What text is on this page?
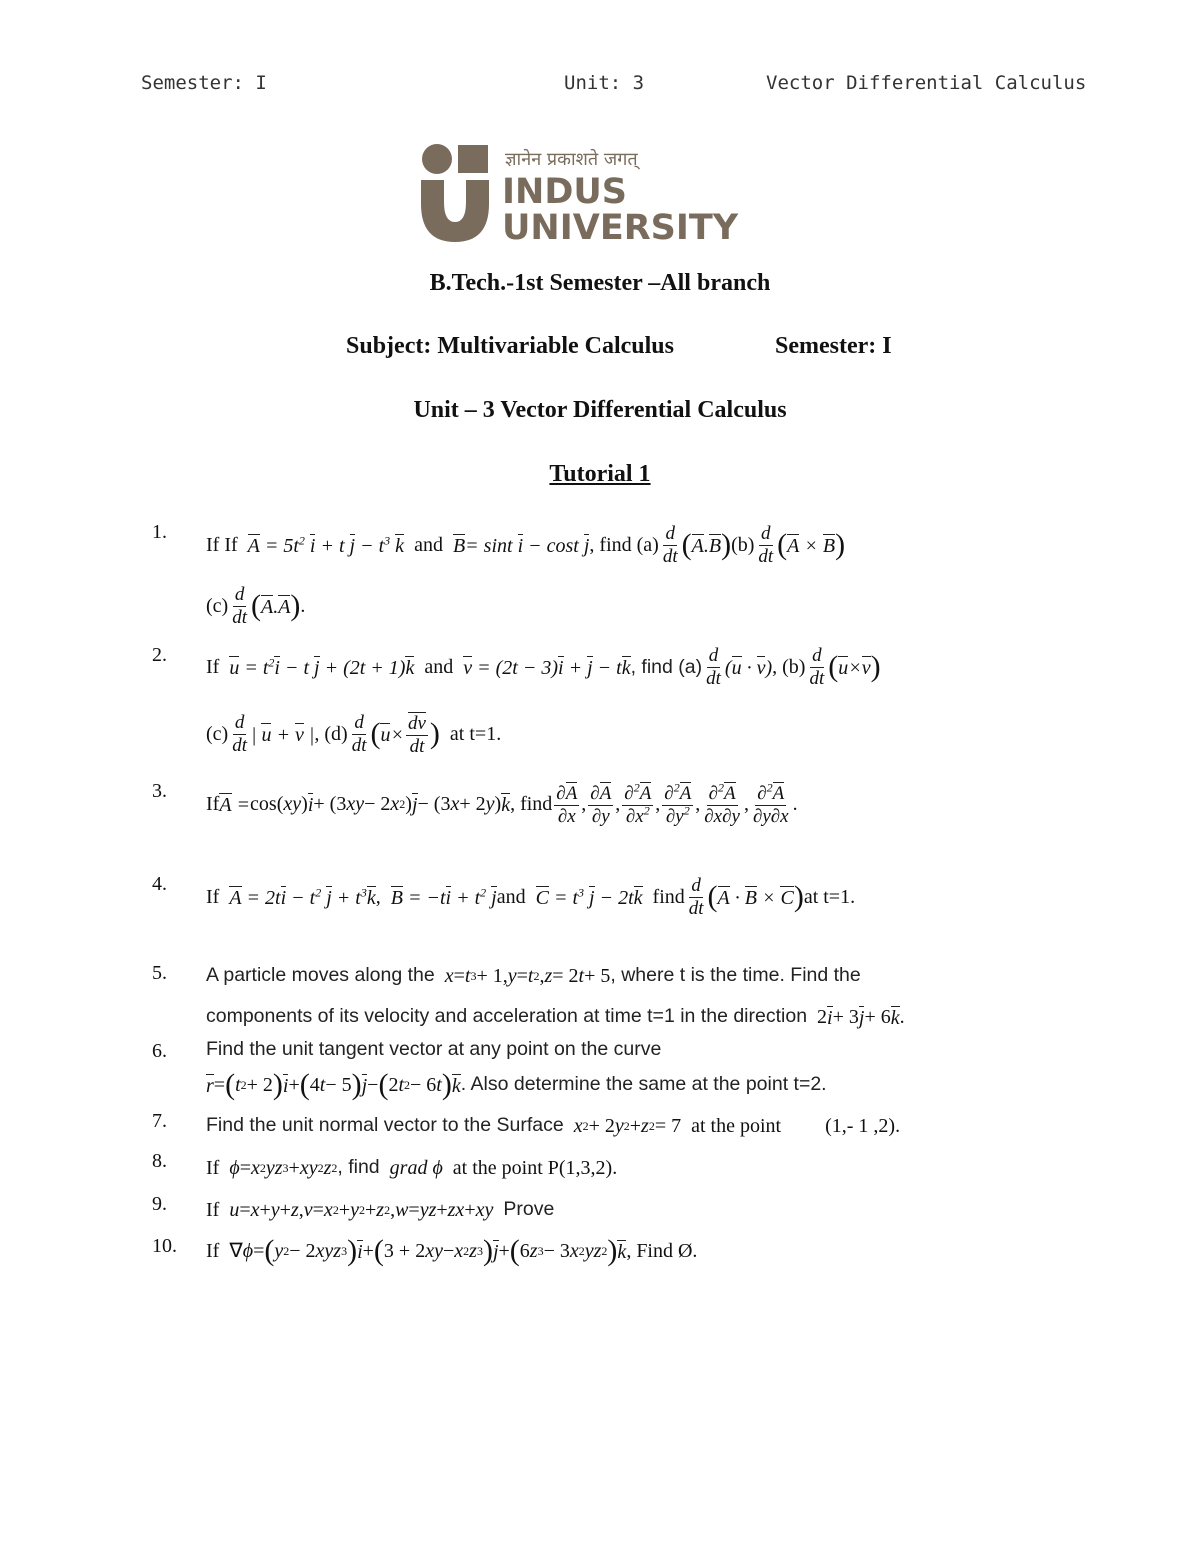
Semester: I	Unit: 3	Vector Differential Calculus
ज्ञानेन प्रकाशते जगत्
INDUS
UNIVERSITY
B.Tech.-1st Semester –All branch
Subject: Multivariable Calculus	Semester: I
Unit – 3 Vector Differential Calculus
Tutorial 1
1.
2.
3.
4.
5.
6.
7.
8.
9.
10.
If If $A = 5t^2$ i + t $j - t^3$ k and B= sint i − cost j , find $(a) \frac{d}{dt}$ ( A.B ) $(b) \frac{d}{dt}$ ( A × B )
$(c) \frac{d}{dt}$ ( A.A ) .
If $u = t^2i - t$ j + (2t + 1)k and v = (2t − 3)i + j − tk , find $(a) \frac{d}{dt} (u \cdot v)$ , $(b) \frac{d}{dt}$ ( u×v )
$(c) \frac{d}{dt}$ | u + v | , $(d) \frac{d}{dt}$ ( $u\times \frac{dv}{dt}$ ) at t=1.
If A = cos( xy ) i + (3 xy − 2 x 2 ) j − (3 x + 2 y ) k , find $\frac{\partial A}{\partial x}$ , $\frac{\partial A}{\partial y}$ , $\frac{\partial^2A}{\partial x^2}$ , $\frac{\partial^2A}{\partial y^2}$ , $\frac{\partial^2A}{\partial x\partial y}$ , $\frac{\partial^2A}{\partial y\partial x}$ .
If $A = 2ti - t^2$ $j + t^3k$ , $B = -ti + t^2$ j and $C = t^3$ j − 2tk find $\frac{d}{dt}$ ( A · B × C ) at t=1.
A particle moves along the x = t 3 + 1, y = t 2 , z = 2 t + 5 , where t is the time. Find the
components of its velocity and acceleration at time t=1 in the direction 2 i + 3 j + 6 k .
Find the unit tangent vector at any point on the curve
r = ( t 2 + 2 ) i + ( 4 t − 5 ) j − ( 2 t 2 − 6 t ) k . Also determine the same at the point t=2.
Find the unit normal vector to the Surface x 2 + 2 y 2 + z 2 = 7 at the point (1,- 1 ,2).
If ϕ = x 2 yz 3 + xy 2 z 2 , find grad ϕ at the point P(1,3,2).
If u = x + y + z , v = x 2 + y 2 + z 2 , w = yz + zx + xy Prove
If ∇ ϕ = ( y 2 − 2 xyz 3 ) i + ( 3 + 2 xy − x 2 z 3 ) j + ( 6 z 3 − 3 x 2 yz 2 ) k , Find Ø.
